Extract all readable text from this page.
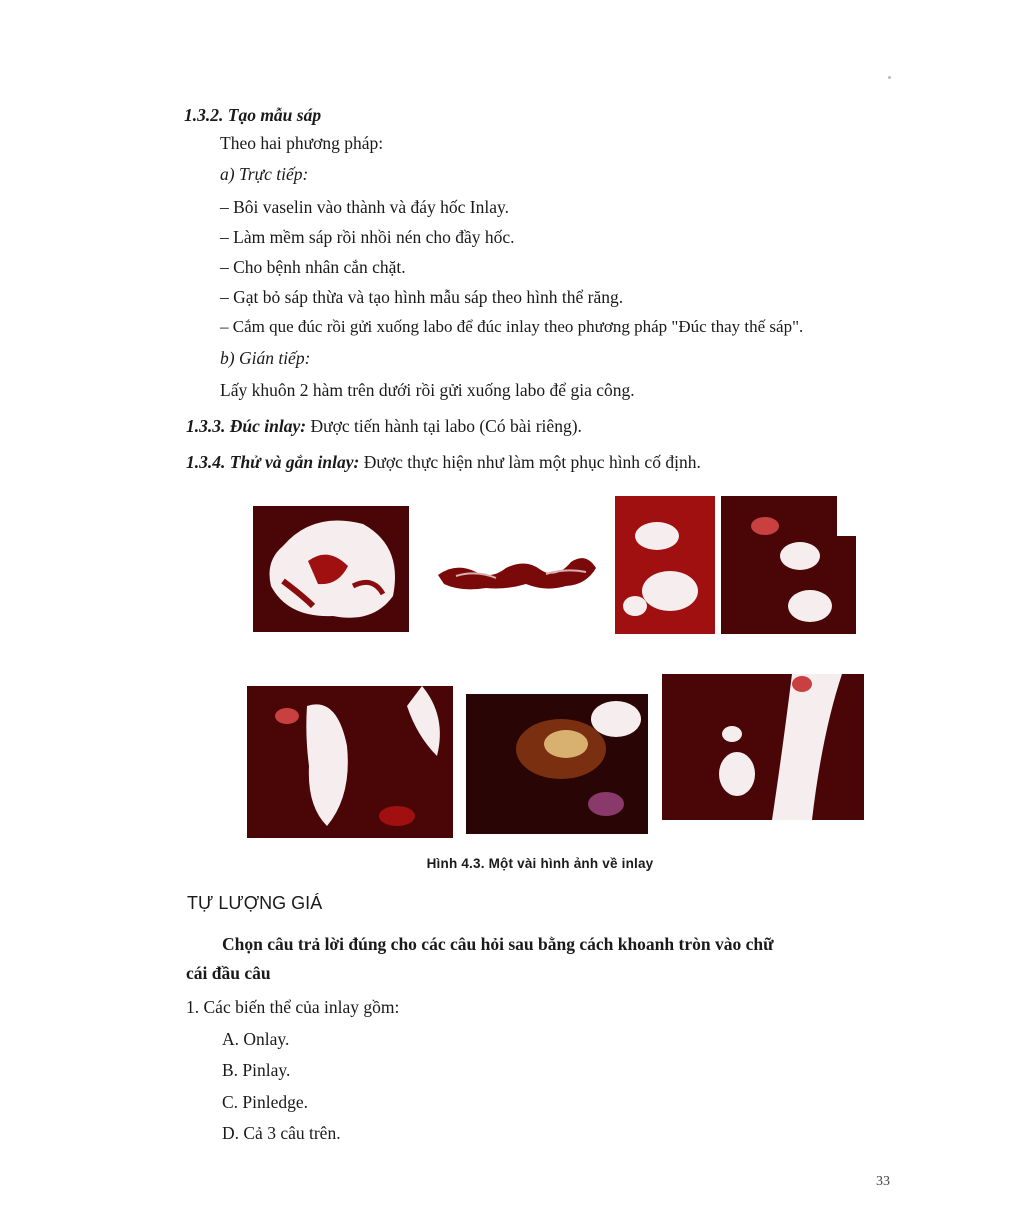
1.3.2. Tạo mẫu sáp
Theo hai phương pháp:
a) Trực tiếp:
– Bôi vaselin vào thành và đáy hốc Inlay.
– Làm mềm sáp rồi nhồi nén cho đầy hốc.
– Cho bệnh nhân cắn chặt.
– Gạt bỏ sáp thừa và tạo hình mẫu sáp theo hình thể răng.
– Cắm que đúc rồi gửi xuống labo để đúc inlay theo phương pháp "Đúc thay thế sáp".
b) Gián tiếp:
Lấy khuôn 2 hàm trên dưới rồi gửi xuống labo để gia công.
1.3.3. Đúc inlay: Được tiến hành tại labo (Có bài riêng).
1.3.4. Thử và gắn inlay: Được thực hiện như làm một phục hình cố định.
Hình 4.3. Một vài hình ảnh về inlay
TỰ LƯỢNG GIÁ
Chọn câu trả lời đúng cho các câu hỏi sau bằng cách khoanh tròn vào chữ
cái đầu câu
1. Các biến thể của inlay gồm:
A. Onlay.
B. Pinlay.
C. Pinledge.
D. Cả 3 câu trên.
33
